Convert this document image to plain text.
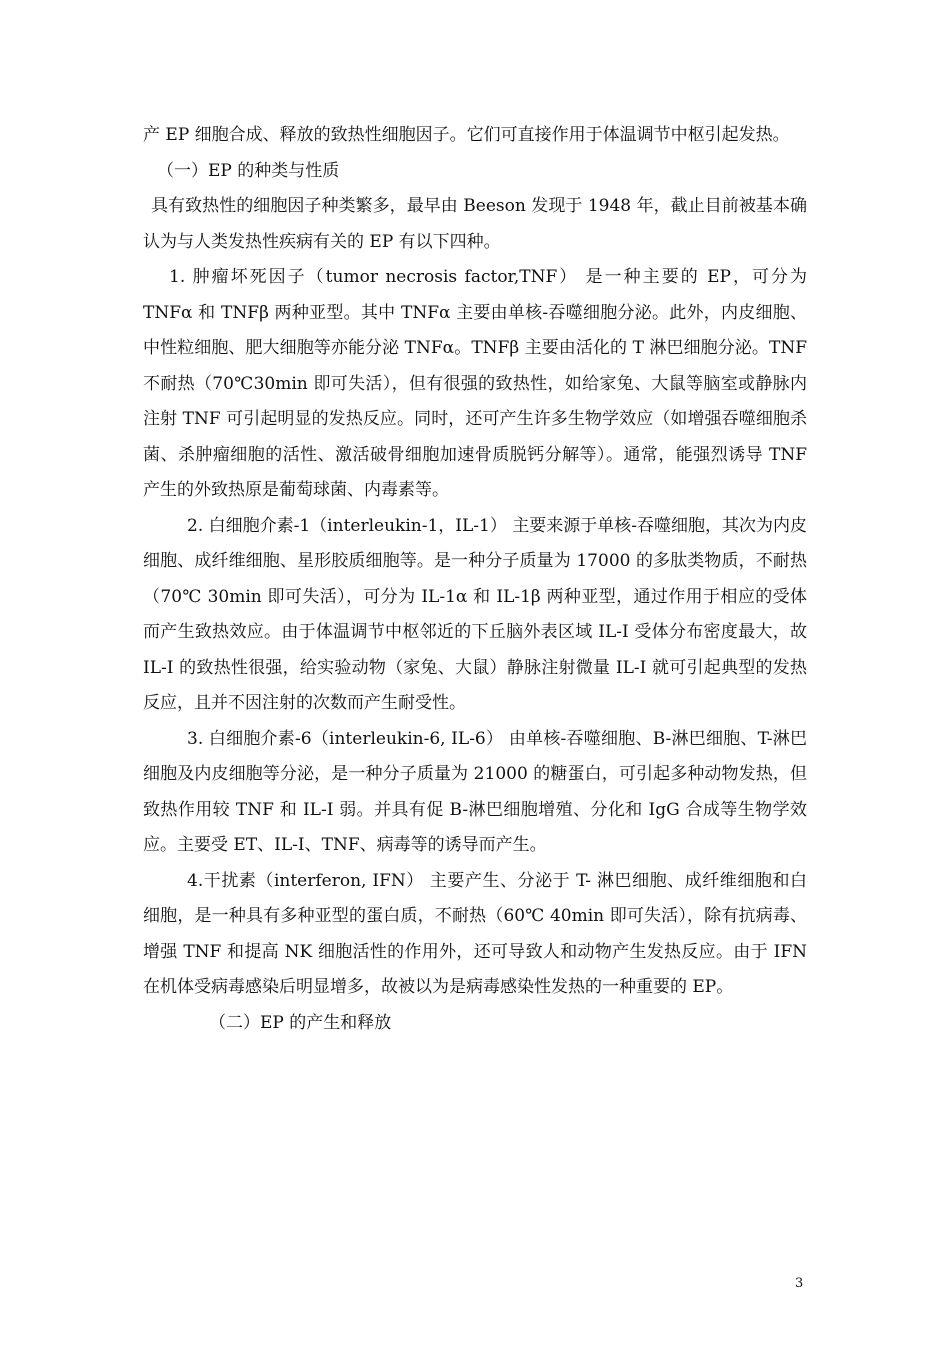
产 EP 细胞合成、释放的致热性细胞因子。它们可直接作用于体温调节中枢引起发热。

（一）EP 的种类与性质

具有致热性的细胞因子种类繁多，最早由 Beeson 发现于 1948 年，截止目前被基本确认为与人类发热性疾病有关的 EP 有以下四种。

1. 肿瘤坏死因子（tumor necrosis factor,TNF） 是一种主要的 EP，可分为 TNFα 和 TNFβ 两种亚型。其中 TNFα 主要由单核-吞噬细胞分泌。此外，内皮细胞、中性粒细胞、肥大细胞等亦能分泌 TNFα。TNFβ 主要由活化的 T 淋巴细胞分泌。TNF 不耐热（70℃30min 即可失活），但有很强的致热性，如给家兔、大鼠等脑室或静脉内注射 TNF 可引起明显的发热反应。同时，还可产生许多生物学效应（如增强吞噬细胞杀菌、杀肿瘤细胞的活性、激活破骨细胞加速骨质脱钙分解等）。通常，能强烈诱导 TNF 产生的外致热原是葡萄球菌、内毒素等。

2. 白细胞介素-1（interleukin-1，IL-1） 主要来源于单核-吞噬细胞，其次为内皮细胞、成纤维细胞、星形胶质细胞等。是一种分子质量为 17000 的多肽类物质，不耐热（70℃ 30min 即可失活），可分为 IL-1α 和 IL-1β 两种亚型，通过作用于相应的受体而产生致热效应。由于体温调节中枢邻近的下丘脑外表区域 IL-I 受体分布密度最大，故 IL-I 的致热性很强，给实验动物（家兔、大鼠）静脉注射微量 IL-I 就可引起典型的发热反应，且并不因注射的次数而产生耐受性。

3. 白细胞介素-6（interleukin-6, IL-6） 由单核-吞噬细胞、B-淋巴细胞、T-淋巴细胞及内皮细胞等分泌，是一种分子质量为 21000 的糖蛋白，可引起多种动物发热，但致热作用较 TNF 和 IL-I 弱。并具有促 B-淋巴细胞增殖、分化和 IgG 合成等生物学效应。主要受 ET、IL-I、TNF、病毒等的诱导而产生。

4.干扰素（interferon, IFN） 主要产生、分泌于 T- 淋巴细胞、成纤维细胞和白细胞，是一种具有多种亚型的蛋白质，不耐热（60℃ 40min 即可失活），除有抗病毒、增强 TNF 和提高 NK 细胞活性的作用外，还可导致人和动物产生发热反应。由于 IFN 在机体受病毒感染后明显增多，故被以为是病毒感染性发热的一种重要的 EP。

（二）EP 的产生和释放

3
